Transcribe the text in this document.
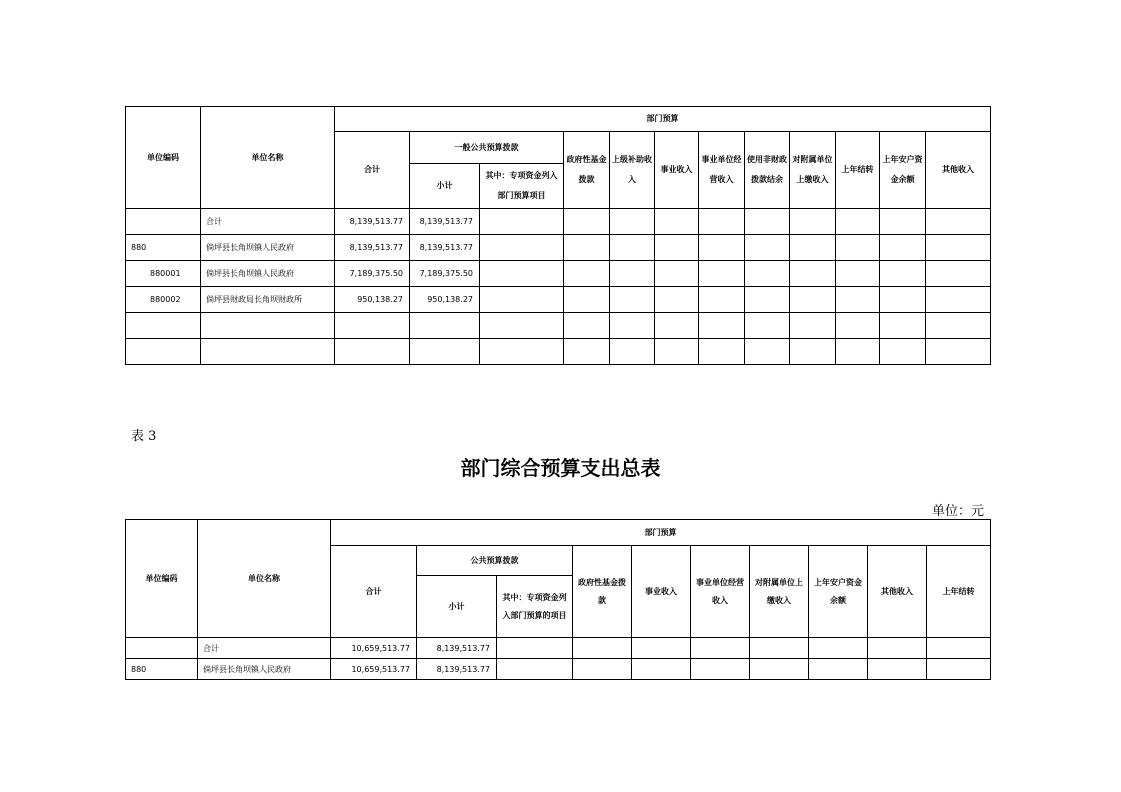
单位编码	单位名称	部门预算											
		合计	一般公共预算拨款		政府性基金拨款	上级补助收入	事业收入	事业单位经营收入	使用非财政拨款结余	对附属单位上缴收入	上年结转	上年安户资金余额	其他收入
			小计	其中：专项资金列入部门预算项目									
	合计	8,139,513.77	8,139,513.77										
880	倘坪县长角坝镇人民政府	8,139,513.77	8,139,513.77										
880001	倘坪县长角坝镇人民政府	7,189,375.50	7,189,375.50										
880002	倘坪县财政局长角坝财政所	950,138.27	950,138.27										

表 3
部门综合预算支出总表
单位：元
单位编码	单位名称	部门预算									
		合计	公共预算拨款		政府性基金拨款	事业收入	事业单位经营收入	对附属单位上缴收入	上年安户资金余额	其他收入	上年结转
			小计	其中：专项资金列入部门预算的项目							
	合计	10,659,513.77	8,139,513.77								
880	倘坪县长角坝镇人民政府	10,659,513.77	8,139,513.77								
